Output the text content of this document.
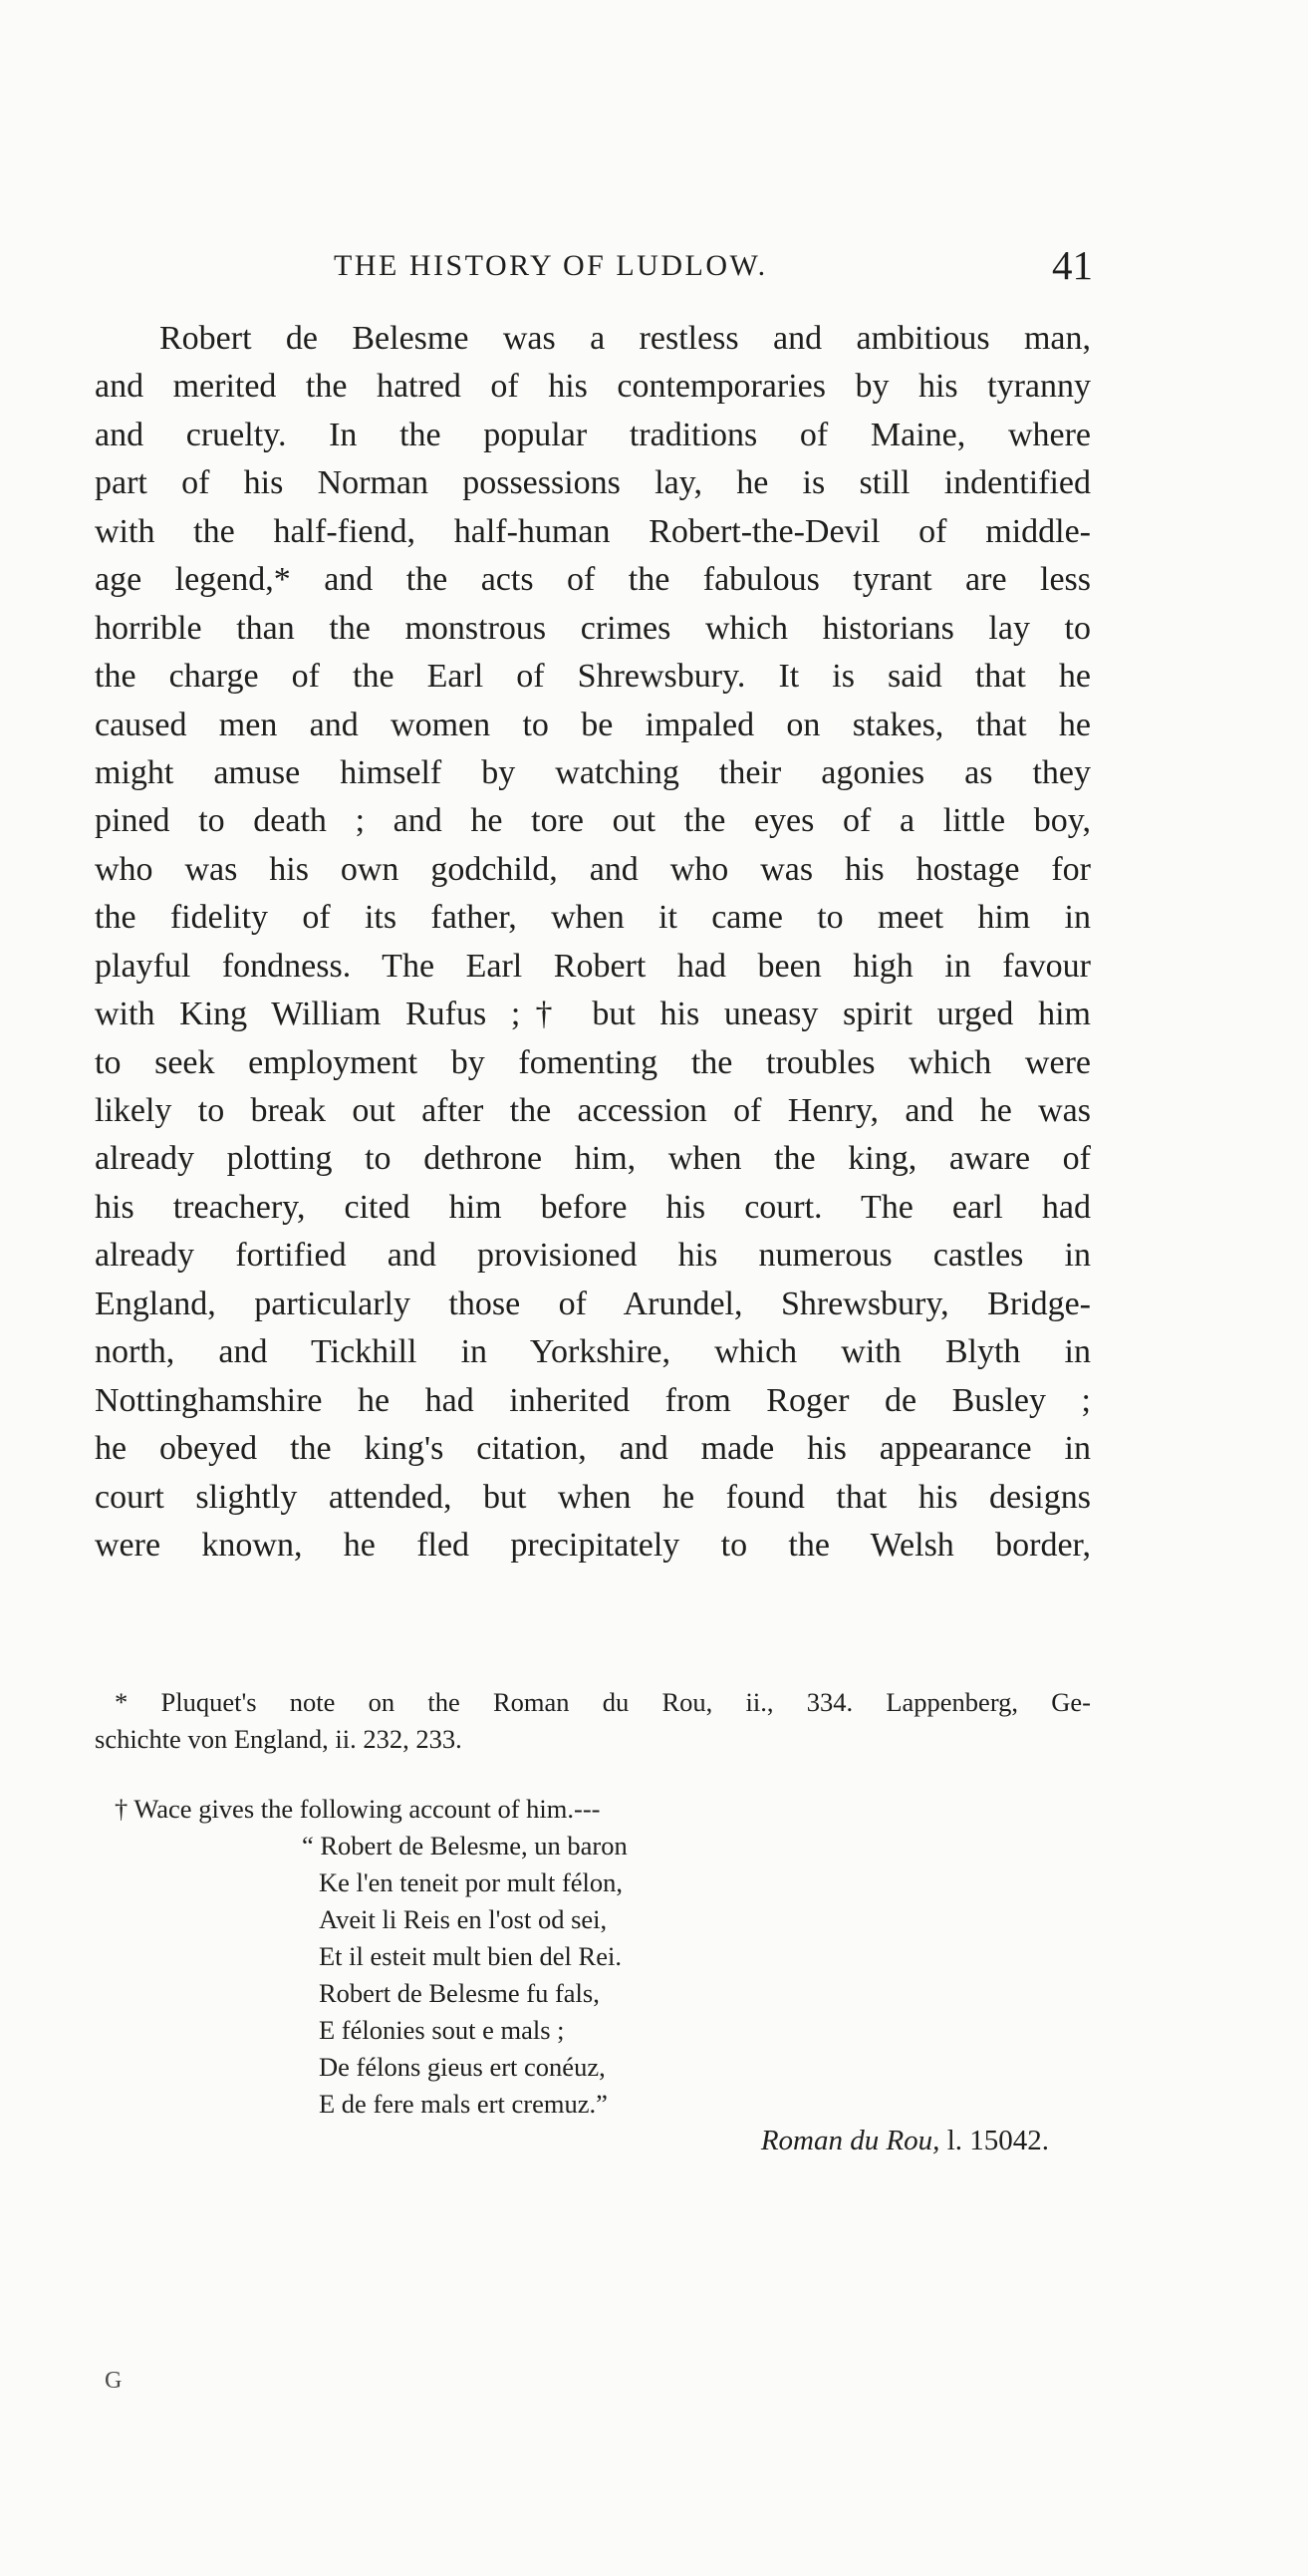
THE HISTORY OF LUDLOW.	41
Robert de Belesme was a restless and ambitious man,
and merited the hatred of his contemporaries by his tyranny
and cruelty. In the popular traditions of Maine, where
part of his Norman possessions lay, he is still indentified
with the half-fiend, half-human Robert-the-Devil of middle-
age legend,* and the acts of the fabulous tyrant are less
horrible than the monstrous crimes which historians lay to
the charge of the Earl of Shrewsbury. It is said that he
caused men and women to be impaled on stakes, that he
might amuse himself by watching their agonies as they
pined to death ; and he tore out the eyes of a little boy,
who was his own godchild, and who was his hostage for
the fidelity of its father, when it came to meet him in
playful fondness. The Earl Robert had been high in favour
with King William Rufus ;† but his uneasy spirit urged him
to seek employment by fomenting the troubles which were
likely to break out after the accession of Henry, and he was
already plotting to dethrone him, when the king, aware of
his treachery, cited him before his court. The earl had
already fortified and provisioned his numerous castles in
England, particularly those of Arundel, Shrewsbury, Bridge-
north, and Tickhill in Yorkshire, which with Blyth in
Nottinghamshire he had inherited from Roger de Busley ;
he obeyed the king's citation, and made his appearance in
court slightly attended, but when he found that his designs
were known, he fled precipitately to the Welsh border,
* Pluquet's note on the Roman du Rou, ii., 334. Lappenberg, Ge-
schichte von England, ii. 232, 233.
† Wace gives the following account of him.---
“ Robert de Belesme, un baron
Ke l'en teneit por mult félon,
Aveit li Reis en l'ost od sei,
Et il esteit mult bien del Rei.
Robert de Belesme fu fals,
E félonies sout e mals ;
De félons gieus ert conéuz,
E de fere mals ert cremuz.”
Roman du Rou, l. 15042.
G
